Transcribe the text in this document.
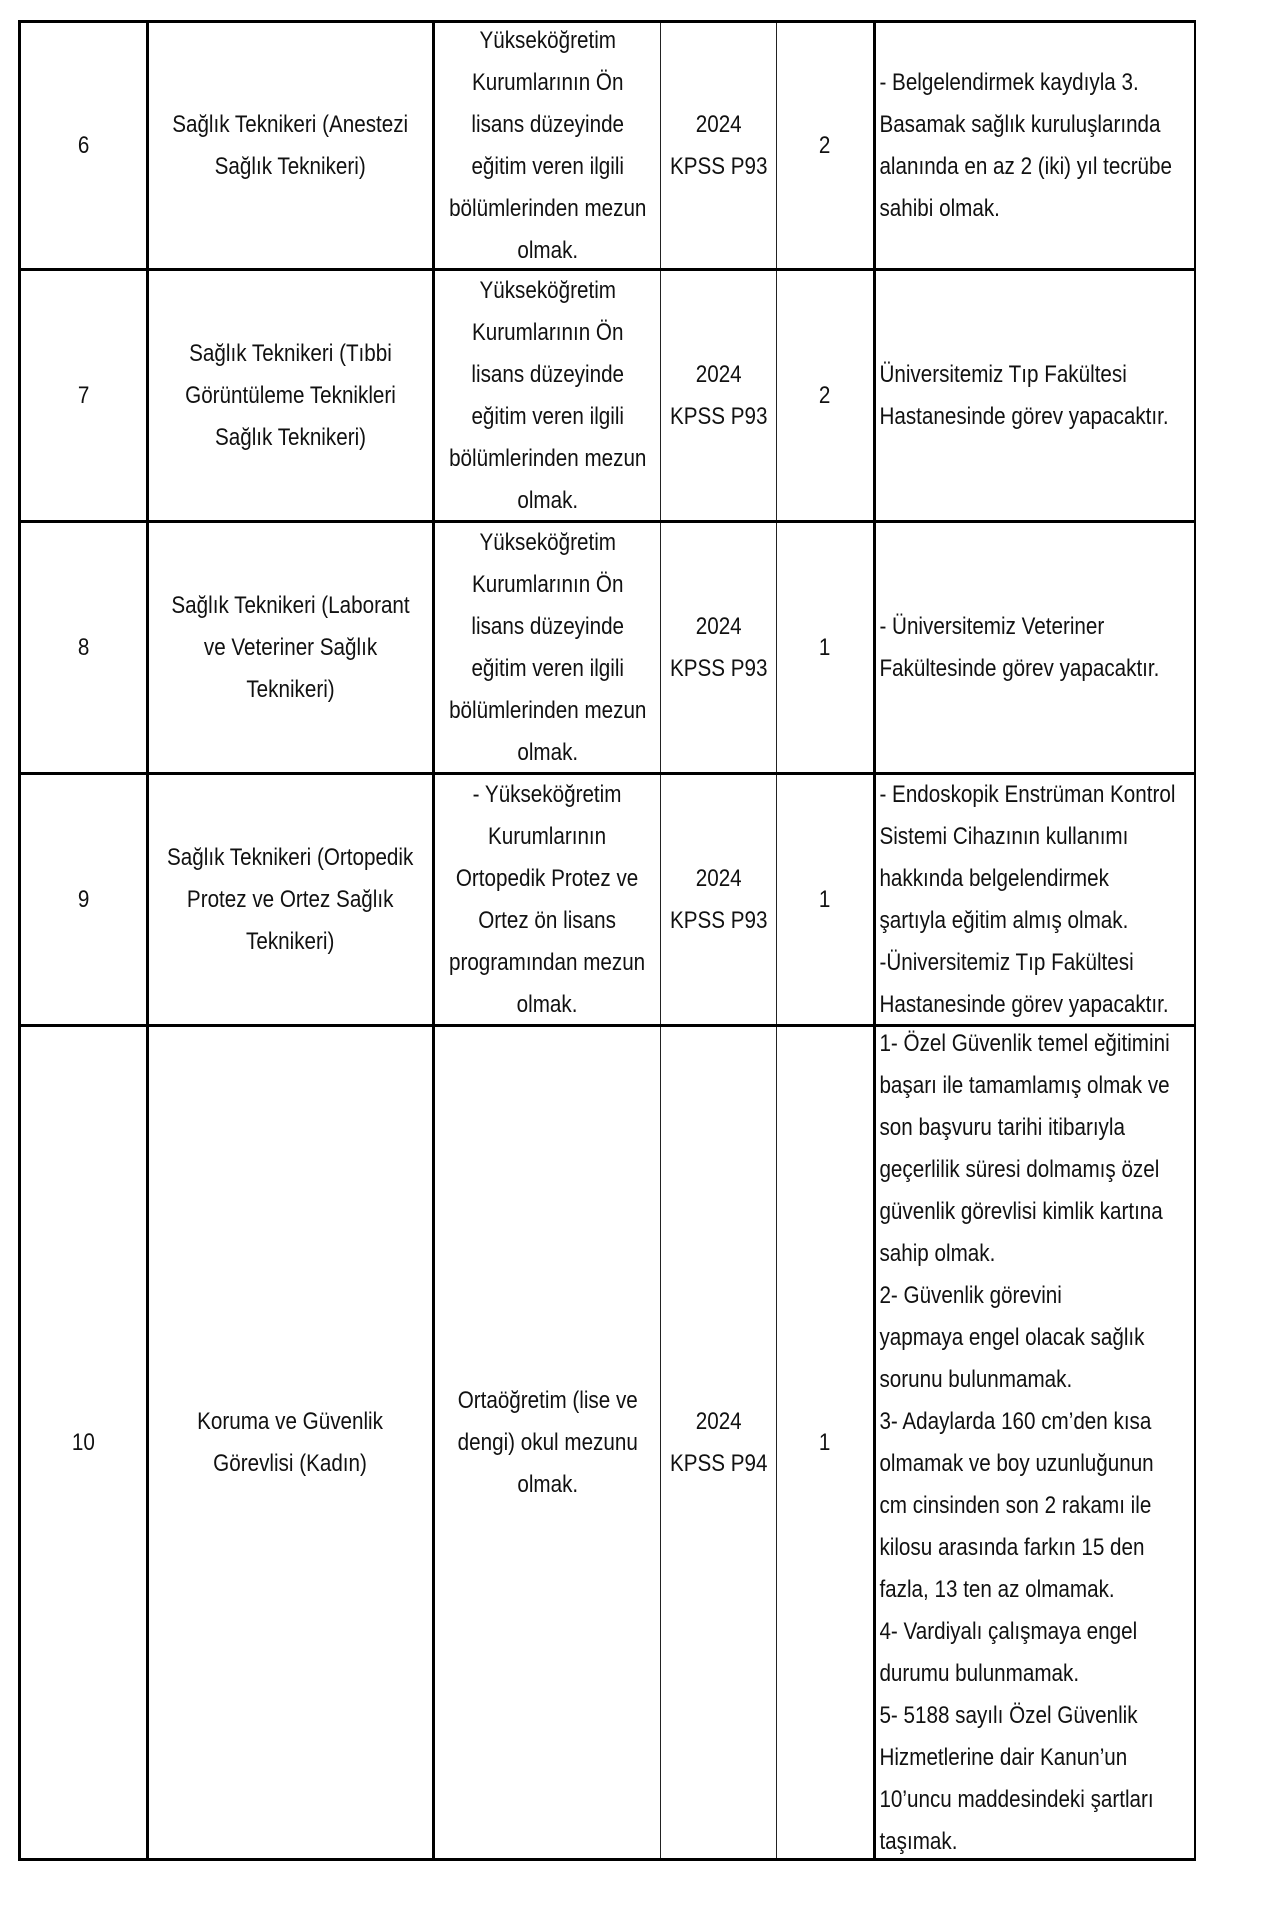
6
Sağlık Teknikeri (Anestezi
Sağlık Teknikeri)
Yükseköğretim
Kurumlarının Ön
lisans düzeyinde
eğitim veren ilgili
bölümlerinden mezun
olmak.
2024
KPSS P93
2
- Belgelendirmek kaydıyla 3.
Basamak sağlık kuruluşlarında
alanında en az 2 (iki) yıl tecrübe
sahibi olmak.
7
Sağlık Teknikeri (Tıbbi
Görüntüleme Teknikleri
Sağlık Teknikeri)
Yükseköğretim
Kurumlarının Ön
lisans düzeyinde
eğitim veren ilgili
bölümlerinden mezun
olmak.
2024
KPSS P93
2
Üniversitemiz Tıp Fakültesi
Hastanesinde görev yapacaktır.
8
Sağlık Teknikeri (Laborant
ve Veteriner Sağlık
Teknikeri)
Yükseköğretim
Kurumlarının Ön
lisans düzeyinde
eğitim veren ilgili
bölümlerinden mezun
olmak.
2024
KPSS P93
1
- Üniversitemiz Veteriner
Fakültesinde görev yapacaktır.
9
Sağlık Teknikeri (Ortopedik
Protez ve Ortez Sağlık
Teknikeri)
- Yükseköğretim
Kurumlarının
Ortopedik Protez ve
Ortez ön lisans
programından mezun
olmak.
2024
KPSS P93
1
- Endoskopik Enstrüman Kontrol
Sistemi Cihazının kullanımı
hakkında belgelendirmek
şartıyla eğitim almış olmak.
-Üniversitemiz Tıp Fakültesi
Hastanesinde görev yapacaktır.
10
Koruma ve Güvenlik
Görevlisi (Kadın)
Ortaöğretim (lise ve
dengi) okul mezunu
olmak.
2024
KPSS P94
1
1- Özel Güvenlik temel eğitimini
başarı ile tamamlamış olmak ve
son başvuru tarihi itibarıyla
geçerlilik süresi dolmamış özel
güvenlik görevlisi kimlik kartına
sahip olmak.
2- Güvenlik görevini
yapmaya engel olacak sağlık
sorunu bulunmamak.
3- Adaylarda 160 cm’den kısa
olmamak ve boy uzunluğunun
cm cinsinden son 2 rakamı ile
kilosu arasında farkın 15 den
fazla, 13 ten az olmamak.
4- Vardiyalı çalışmaya engel
durumu bulunmamak.
5- 5188 sayılı Özel Güvenlik
Hizmetlerine dair Kanun’un
10’uncu maddesindeki şartları
taşımak.
